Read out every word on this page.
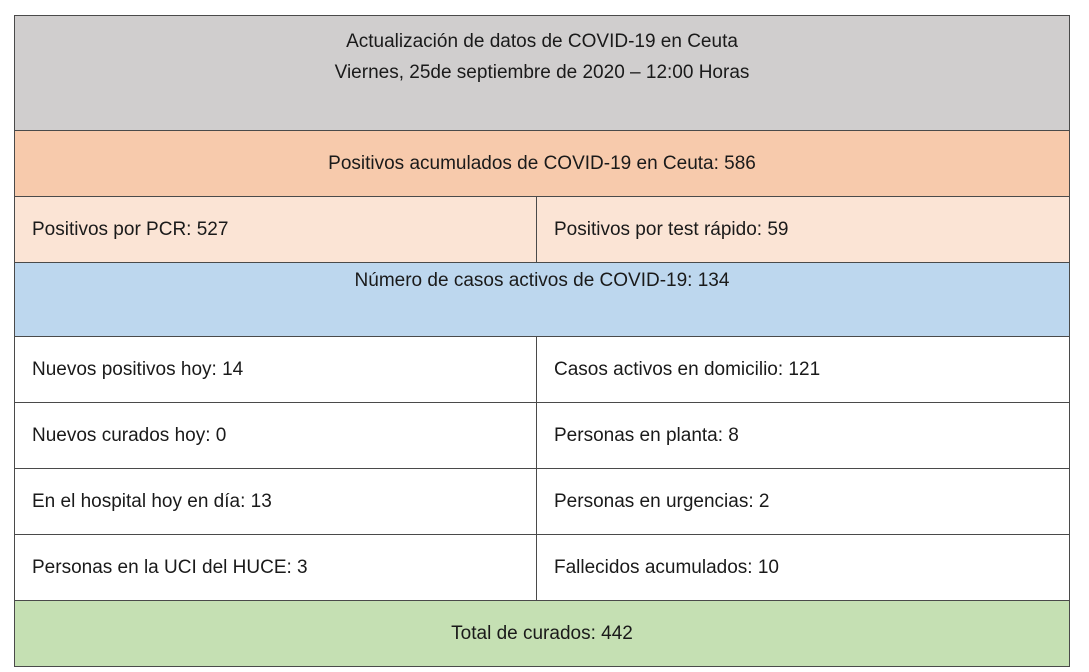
Actualización de datos de COVID-19 en Ceuta
Viernes, 25de septiembre de 2020 – 12:00 Horas	

Positivos acumulados de COVID-19 en Ceuta: 586	
Positivos por PCR: 527	Positivos por test rápido: 59
Número de casos activos de COVID-19: 134	
Nuevos positivos hoy: 14	Casos activos en domicilio: 121
Nuevos curados hoy: 0	Personas en planta: 8
En el hospital hoy en día: 13	Personas en urgencias: 2
Personas en la UCI del HUCE: 3	Fallecidos acumulados: 10
Total de curados: 442	
